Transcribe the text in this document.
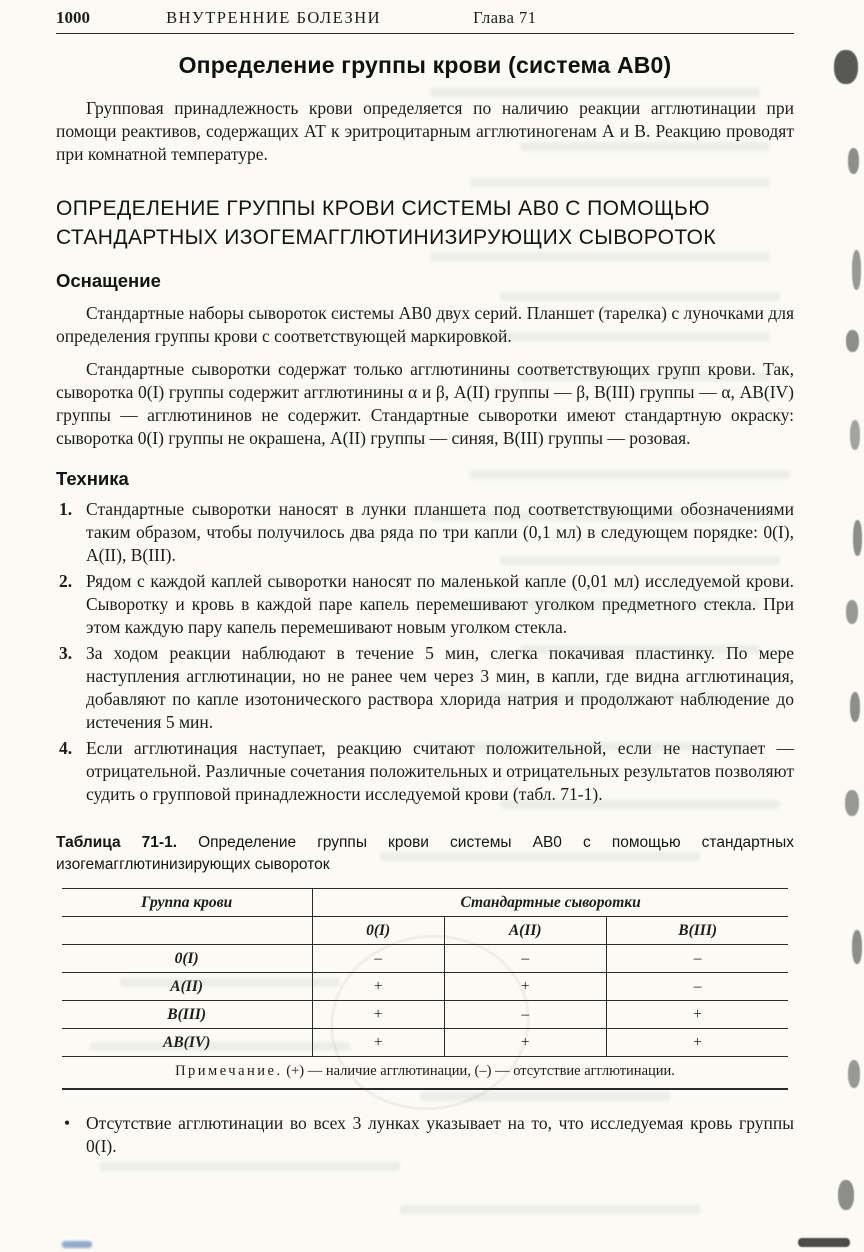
1000	ВНУТРЕННИЕ БОЛЕЗНИ	Глава 71
Определение группы крови (система АВ0)

Групповая принадлежность крови определяется по наличию реакции агглютинации при помощи реактивов, содержащих АТ к эритроцитарным агглютиногенам А и В. Реакцию проводят при комнатной температуре.

ОПРЕДЕЛЕНИЕ ГРУППЫ КРОВИ СИСТЕМЫ АВ0 С ПОМОЩЬЮ СТАНДАРТНЫХ ИЗОГЕМАГГЛЮТИНИЗИРУЮЩИХ СЫВОРОТОК
Оснащение

Стандартные наборы сывороток системы АВ0 двух серий. Планшет (тарелка) с луночками для определения группы крови с соответствующей маркировкой.

Стандартные сыворотки содержат только агглютинины соответствующих групп крови. Так, сыворотка 0(I) группы содержит агглютинины α и β, А(II) группы — β, В(III) группы — α, АВ(IV) группы — агглютининов не содержит. Стандартные сыворотки имеют стандартную окраску: сыворотка 0(I) группы не окрашена, А(II) группы — синяя, В(III) группы — розовая.

Техника
1. Стандартные сыворотки наносят в лунки планшета под соответствующими обозначениями таким образом, чтобы получилось два ряда по три капли (0,1 мл) в следующем порядке: 0(I), А(II), В(III).
2. Рядом с каждой каплей сыворотки наносят по маленькой капле (0,01 мл) исследуемой крови. Сыворотку и кровь в каждой паре капель перемешивают уголком предметного стекла. При этом каждую пару капель перемешивают новым уголком стекла.
3. За ходом реакции наблюдают в течение 5 мин, слегка покачивая пластинку. По мере наступления агглютинации, но не ранее чем через 3 мин, в капли, где видна агглютинация, добавляют по капле изотонического раствора хлорида натрия и продолжают наблюдение до истечения 5 мин.
4. Если агглютинация наступает, реакцию считают положительной, если не наступает — отрицательной. Различные сочетания положительных и отрицательных результатов позволяют судить о групповой принадлежности исследуемой крови (табл. 71-1).

Таблица 71-1. Определение группы крови системы АВ0 с помощью стандартных изогемагглютинизирующих сывороток

Группа крови	Стандартные сыворотки		
	0(I)	А(II)	В(III)
0(I)	–	–	–
А(II)	+	+	–
В(III)	+	–	+
АВ(IV)	+	+	+
Примечание. (+) — наличие агглютинации, (–) — отсутствие агглютинации.			

• Отсутствие агглютинации во всех 3 лунках указывает на то, что исследуемая кровь группы 0(I).
